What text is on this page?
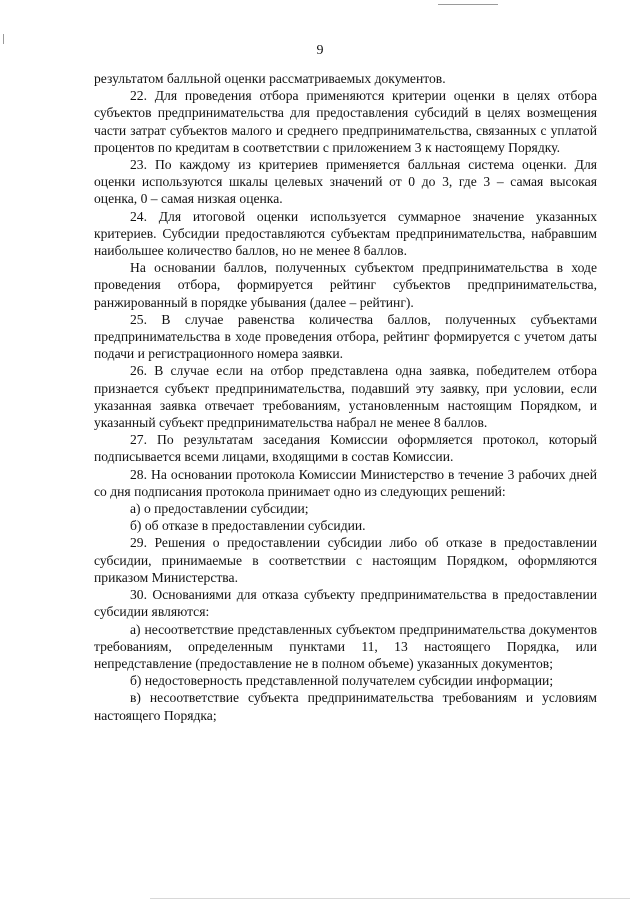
9

результатом балльной оценки рассматриваемых документов.

22. Для проведения отбора применяются критерии оценки в целях отбора субъектов предпринимательства для предоставления субсидий в целях возмещения части затрат субъектов малого и среднего предпринимательства, связанных с уплатой процентов по кредитам в соответствии с приложением 3 к настоящему Порядку.

23. По каждому из критериев применяется балльная система оценки. Для оценки используются шкалы целевых значений от 0 до 3, где 3 – самая высокая оценка, 0 – самая низкая оценка.

24. Для итоговой оценки используется суммарное значение указанных критериев. Субсидии предоставляются субъектам предпринимательства, набравшим наибольшее количество баллов, но не менее 8 баллов.

На основании баллов, полученных субъектом предпринимательства в ходе проведения отбора, формируется рейтинг субъектов предпринимательства, ранжированный в порядке убывания (далее – рейтинг).

25. В случае равенства количества баллов, полученных субъектами предпринимательства в ходе проведения отбора, рейтинг формируется с учетом даты подачи и регистрационного номера заявки.

26. В случае если на отбор представлена одна заявка, победителем отбора признается субъект предпринимательства, подавший эту заявку, при условии, если указанная заявка отвечает требованиям, установленным настоящим Порядком, и указанный субъект предпринимательства набрал не менее 8 баллов.

27. По результатам заседания Комиссии оформляется протокол, который подписывается всеми лицами, входящими в состав Комиссии.

28. На основании протокола Комиссии Министерство в течение 3 рабочих дней со дня подписания протокола принимает одно из следующих решений:

а) о предоставлении субсидии;

б) об отказе в предоставлении субсидии.

29. Решения о предоставлении субсидии либо об отказе в предоставлении субсидии, принимаемые в соответствии с настоящим Порядком, оформляются приказом Министерства.

30. Основаниями для отказа субъекту предпринимательства в предоставлении субсидии являются:

а) несоответствие представленных субъектом предпринимательства документов требованиям, определенным пунктами 11, 13 настоящего Порядка, или непредставление (предоставление не в полном объеме) указанных документов;

б) недостоверность представленной получателем субсидии информации;

в) несоответствие субъекта предпринимательства требованиям и условиям настоящего Порядка;
